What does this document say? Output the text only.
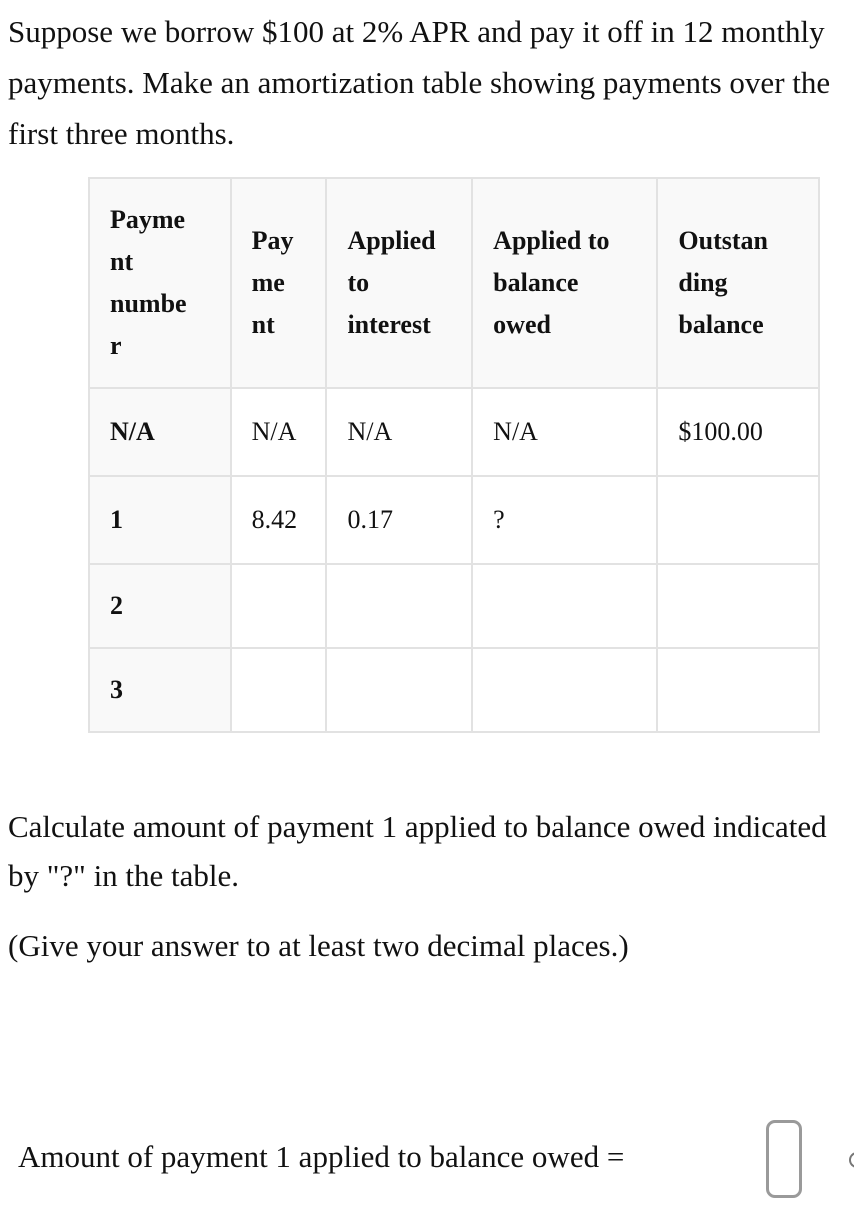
Suppose we borrow $100 at 2% APR and pay it off in 12 monthly payments. Make an amortization table showing payments over the first three months.

Payme
nt
numbe
r	Pay
me
nt	Applied
to
interest	Applied to
balance
owed	Outstan
ding
balance
N/A	N/A	N/A	N/A	$100.00
1	8.42	0.17	?	
2				
3				

Calculate amount of payment 1 applied to balance owed indicated by "?" in the table.

(Give your answer to at least two decimal places.)

Amount of payment 1 applied to balance owed =
